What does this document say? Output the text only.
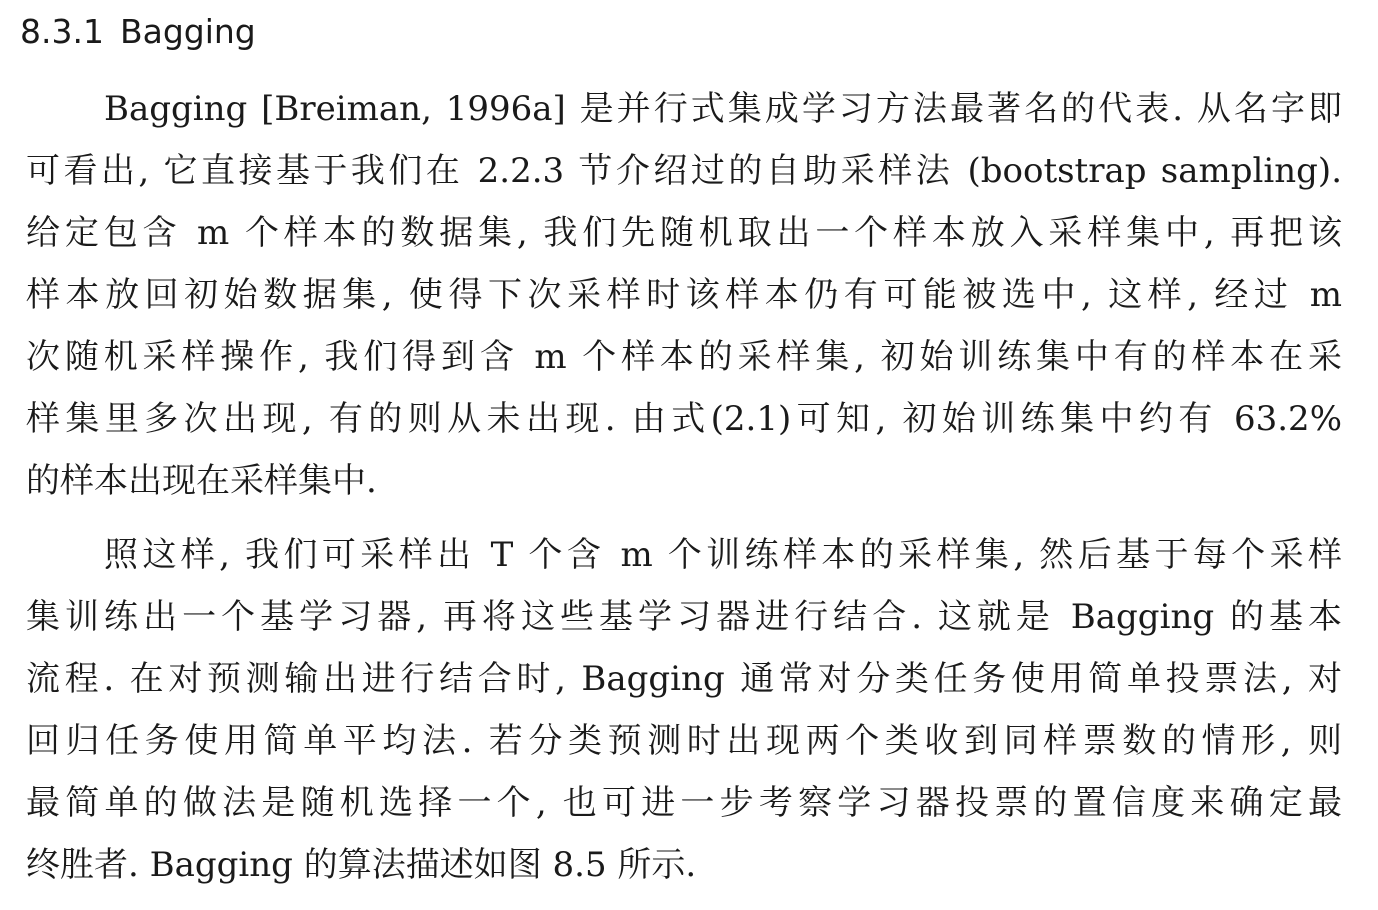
8.3.1 Bagging

Bagging [Breiman, 1996a] 是并行式集成学习方法最著名的代表. 从名字即
可看出, 它直接基于我们在 2.2.3 节介绍过的自助采样法 (bootstrap sampling).
给定包含 m 个样本的数据集, 我们先随机取出一个样本放入采样集中, 再把该
样本放回初始数据集, 使得下次采样时该样本仍有可能被选中, 这样, 经过 m
次随机采样操作, 我们得到含 m 个样本的采样集, 初始训练集中有的样本在采
样集里多次出现, 有的则从未出现. 由式(2.1)可知, 初始训练集中约有 63.2%
的样本出现在采样集中.

照这样, 我们可采样出 T 个含 m 个训练样本的采样集, 然后基于每个采样
集训练出一个基学习器, 再将这些基学习器进行结合. 这就是 Bagging 的基本
流程. 在对预测输出进行结合时, Bagging 通常对分类任务使用简单投票法, 对
回归任务使用简单平均法. 若分类预测时出现两个类收到同样票数的情形, 则
最简单的做法是随机选择一个, 也可进一步考察学习器投票的置信度来确定最
终胜者. Bagging 的算法描述如图 8.5 所示.
